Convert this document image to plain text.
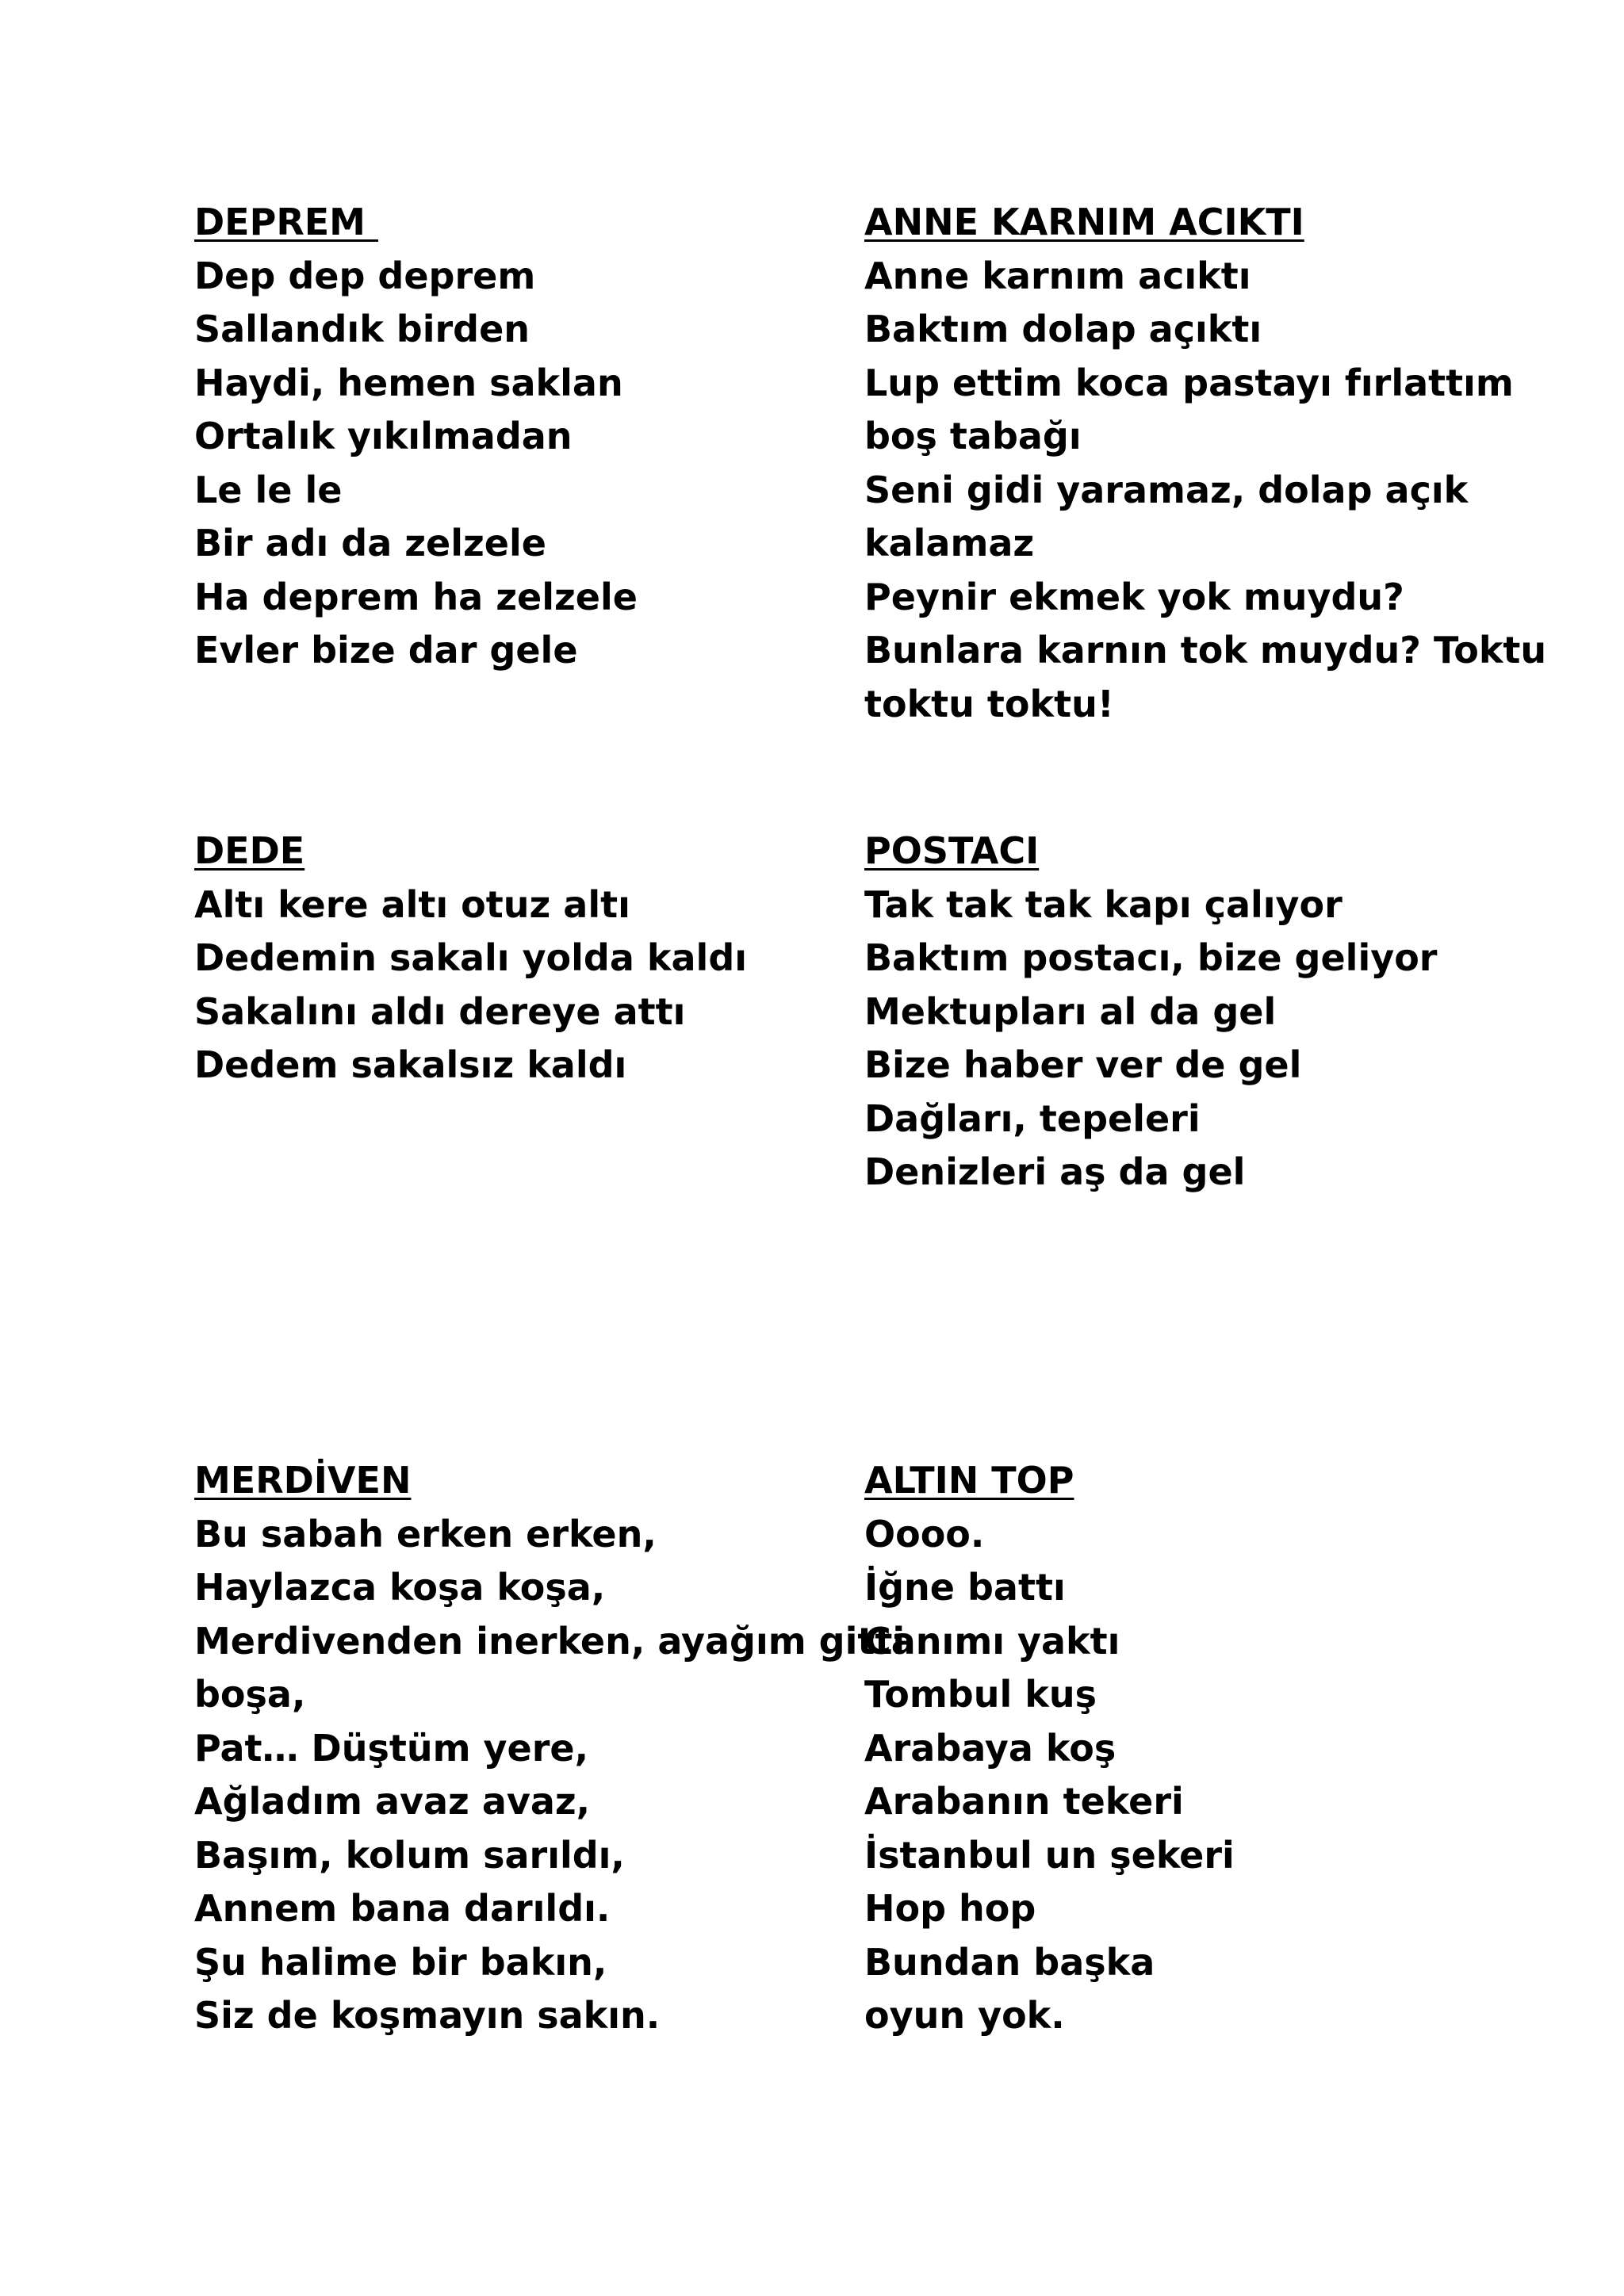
DEPREM
Dep dep deprem
Sallandık birden
Haydi, hemen saklan
Ortalık yıkılmadan
Le le le
Bir adı da zelzele
Ha deprem ha zelzele
Evler bize dar gele
ANNE KARNIM ACIKTI
Anne karnım acıktı
Baktım dolap açıktı
Lup ettim koca pastayı fırlattım
boş tabağı
Seni gidi yaramaz, dolap açık
kalamaz
Peynir ekmek yok muydu?
Bunlara karnın tok muydu? Toktu
toktu toktu!
DEDE
Altı kere altı otuz altı
Dedemin sakalı yolda kaldı
Sakalını aldı dereye attı
Dedem sakalsız kaldı
POSTACI
Tak tak tak kapı çalıyor
Baktım postacı, bize geliyor
Mektupları al da gel
Bize haber ver de gel
Dağları, tepeleri
Denizleri aş da gel
MERDİVEN
Bu sabah erken erken,
Haylazca koşa koşa,
Merdivenden inerken, ayağım gitti
boşa,
Pat… Düştüm yere,
Ağladım avaz avaz,
Başım, kolum sarıldı,
Annem bana darıldı.
Şu halime bir bakın,
Siz de koşmayın sakın.
ALTIN TOP
Oooo.
İğne battı
Canımı yaktı
Tombul kuş
Arabaya koş
Arabanın tekeri
İstanbul un şekeri
Hop hop
Bundan başka
oyun yok.
